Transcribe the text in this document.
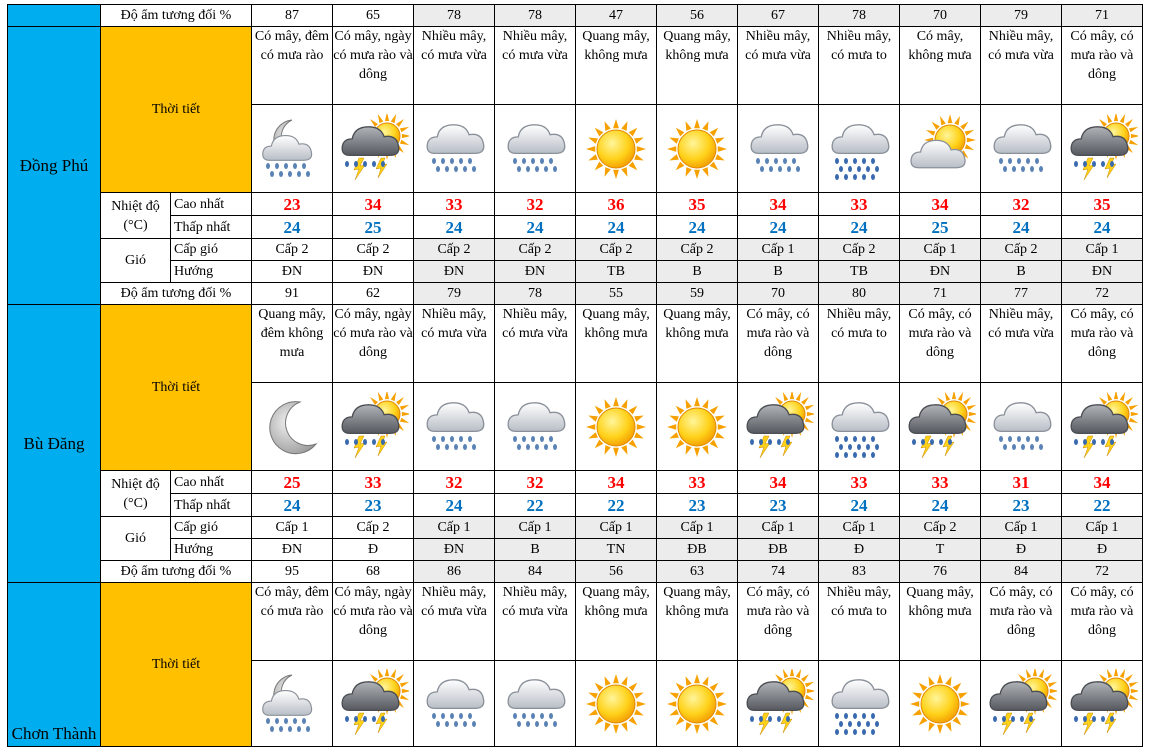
	Độ ẩm tương đối %		87	65	78	78	47	56	67	78	70	79	71
Đồng Phú	Thời tiết		Có mây, đêm có mưa rào	Có mây, ngày có mưa rào và dông	Nhiều mây, có mưa vừa	Nhiều mây, có mưa vừa	Quang mây, không mưa	Quang mây, không mưa	Nhiều mây, có mưa vừa	Nhiều mây, có mưa to	Có mây, không mưa	Nhiều mây, có mưa vừa	Có mây, có mưa rào và dông

	Nhiệt độ (°C)	Cao nhất	23	34	33	32	36	35	34	33	34	32	35
		Thấp nhất	24	25	24	24	24	24	24	24	25	24	24
	Gió	Cấp gió	Cấp 2	Cấp 2	Cấp 2	Cấp 2	Cấp 2	Cấp 2	Cấp 1	Cấp 2	Cấp 1	Cấp 2	Cấp 1
		Hướng	ĐN	ĐN	ĐN	ĐN	TB	B	B	TB	ĐN	B	ĐN
	Độ ẩm tương đối %		91	62	79	78	55	59	70	80	71	77	72
Bù Đăng	Thời tiết		Quang mây, đêm không mưa	Có mây, ngày có mưa rào và dông	Nhiều mây, có mưa vừa	Nhiều mây, có mưa vừa	Quang mây, không mưa	Quang mây, không mưa	Có mây, có mưa rào và dông	Nhiều mây, có mưa to	Có mây, có mưa rào và dông	Nhiều mây, có mưa vừa	Có mây, có mưa rào và dông

	Nhiệt độ (°C)	Cao nhất	25	33	32	32	34	33	34	33	33	31	34
		Thấp nhất	24	23	24	22	22	23	23	24	24	23	22
	Gió	Cấp gió	Cấp 1	Cấp 2	Cấp 1	Cấp 1	Cấp 1	Cấp 1	Cấp 1	Cấp 1	Cấp 2	Cấp 1	Cấp 1
		Hướng	ĐN	Đ	ĐN	B	TN	ĐB	ĐB	Đ	T	Đ	Đ
	Độ ẩm tương đối %		95	68	86	84	56	63	74	83	76	84	72
Chơn Thành	Thời tiết		Có mây, đêm có mưa rào	Có mây, ngày có mưa rào và dông	Nhiều mây, có mưa vừa	Nhiều mây, có mưa vừa	Quang mây, không mưa	Quang mây, không mưa	Có mây, có mưa rào và dông	Nhiều mây, có mưa to	Quang mây, không mưa	Có mây, có mưa rào và dông	Có mây, có mưa rào và dông
